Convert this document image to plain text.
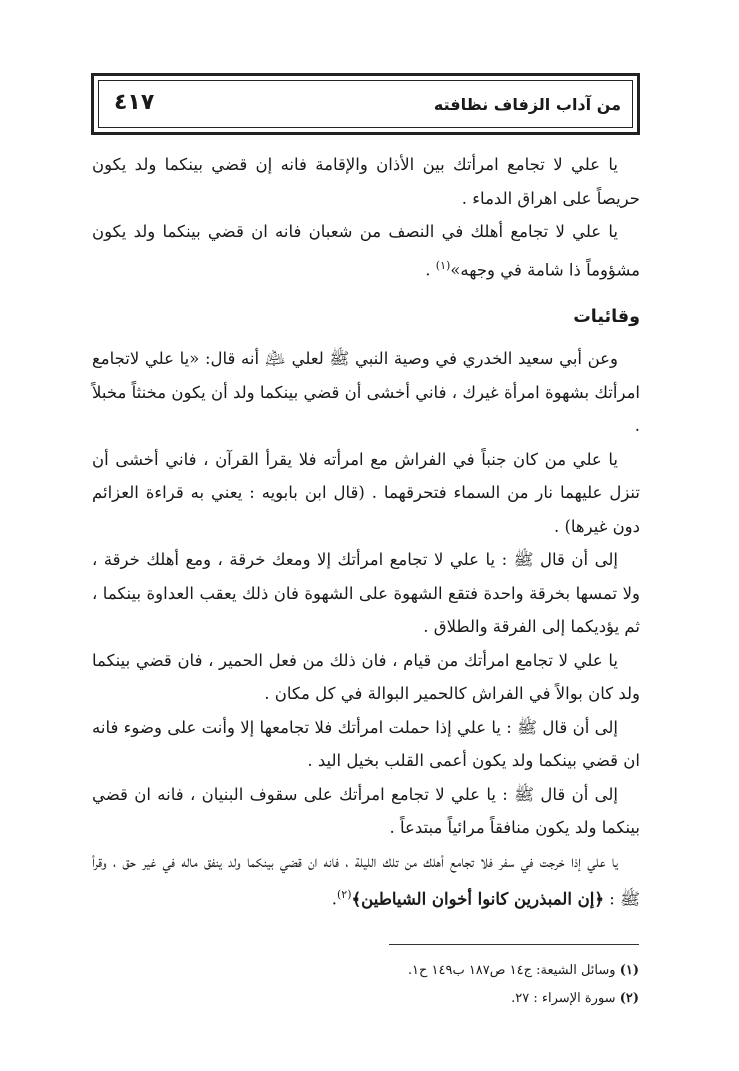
من آداب الزفاف نظافته
٤١٧

يا علي لا تجامع امرأتك بين الأذان والإقامة فانه إن قضي بينكما ولد يكون حريصاً على اهراق الدماء .

يا علي لا تجامع أهلك في النصف من شعبان فانه ان قضي بينكما ولد يكون مشؤوماً ذا شامة في وجهه»$^{(١)}$ .

وقائيات

وعن أبي سعيد الخدري في وصية النبي ﷺ لعلي ﵇ أنه قال: «يا علي لاتجامع امرأتك بشهوة امرأة غيرك ، فاني أخشى أن قضي بينكما ولد أن يكون مخنثاً مخبلاً .

يا علي من كان جنباً في الفراش مع امرأته فلا يقرأ القرآن ، فاني أخشى أن تنزل عليهما نار من السماء فتحرقهما . (قال ابن بابويه : يعني به قراءة العزائم دون غيرها) .

إلى أن قال ﷺ : يا علي لا تجامع امرأتك إلا ومعك خرقة ، ومع أهلك خرقة ، ولا تمسها بخرقة واحدة فتقع الشهوة على الشهوة فان ذلك يعقب العداوة بينكما ، ثم يؤديكما إلى الفرقة والطلاق .

يا علي لا تجامع امرأتك من قيام ، فان ذلك من فعل الحمير ، فان قضي بينكما ولد كان بوالاً في الفراش كالحمير البوالة في كل مكان .

إلى أن قال ﷺ : يا علي إذا حملت امرأتك فلا تجامعها إلا وأنت على وضوء فانه ان قضي بينكما ولد يكون أعمى القلب بخيل اليد .

إلى أن قال ﷺ : يا علي لا تجامع امرأتك على سقوف البنيان ، فانه ان قضي بينكما ولد يكون منافقاً مرائياً مبتدعاً .

يا علي إذا خرجت في سفر فلا تجامع أهلك من تلك الليلة ، فانه ان قضي بينكما ولد ينفق ماله في غير حق ، وقرأ ﷺ : ﴿إن المبذرين كانوا أخوان الشياطين﴾$^{(٢)}$.

(١) وسائل الشيعة: ج١٤ ص١٨٧ ب١٤٩ ح١.

(٢) سورة الإسراء : ٢٧.
